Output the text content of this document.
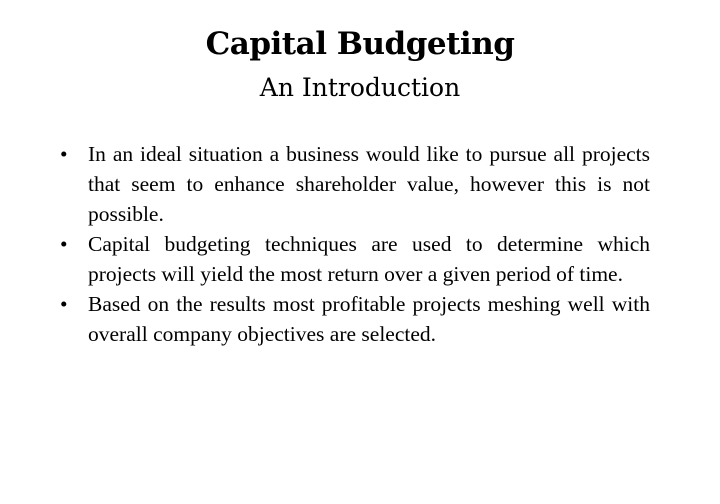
Capital Budgeting
An Introduction
• In an ideal situation a business would like to pursue all projects that seem to enhance shareholder value, however this is not possible.
• Capital budgeting techniques are used to determine which projects will yield the most return over a given period of time.
• Based on the results most profitable projects meshing well with overall company objectives are selected.
